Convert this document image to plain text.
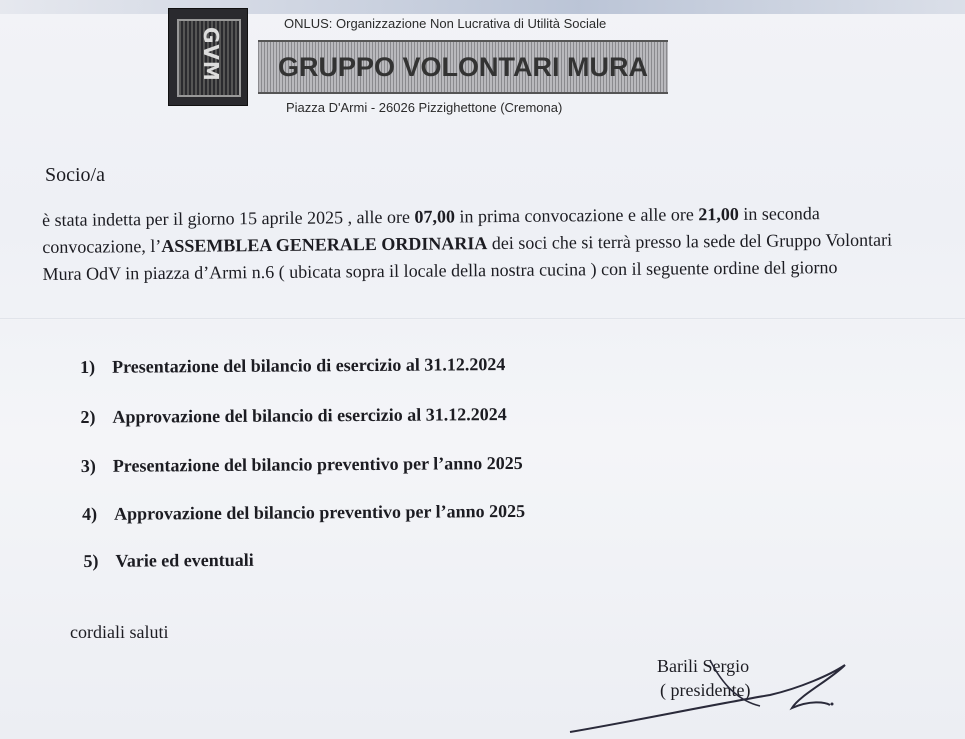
GVM
ONLUS: Organizzazione Non Lucrativa di Utilità Sociale
GRUPPO VOLONTARI MURA
Piazza D'Armi - 26026 Pizzighettone (Cremona)
Socio/a
è stata indetta per il giorno 15 aprile 2025 , alle ore 07,00 in prima convocazione e alle ore 21,00 in seconda convocazione, l’ASSEMBLEA GENERALE ORDINARIA dei soci che si terrà presso la sede del Gruppo Volontari Mura OdV in piazza d’Armi n.6 ( ubicata sopra il locale della nostra cucina ) con il seguente ordine del giorno
1) Presentazione del bilancio di esercizio al 31.12.2024
2) Approvazione del bilancio di esercizio al 31.12.2024
3) Presentazione del bilancio preventivo per l’anno 2025
4) Approvazione del bilancio preventivo per l’anno 2025
5) Varie ed eventuali
cordiali saluti
Barili Sergio
( presidente)
